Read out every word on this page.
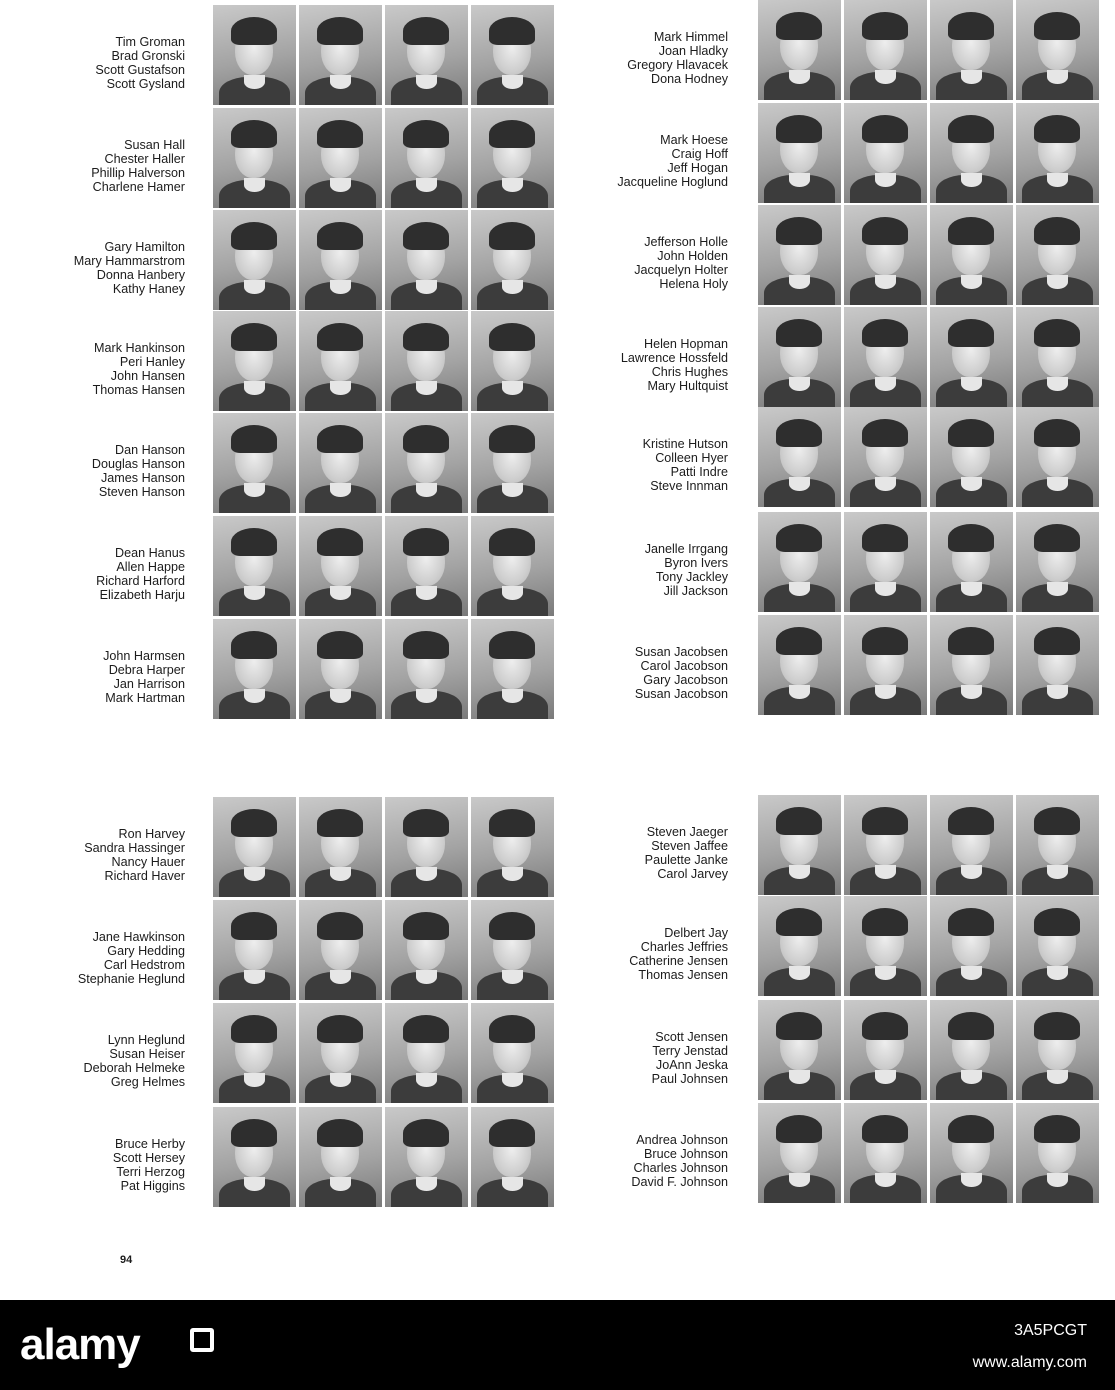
Tim Groman
Brad Gronski
Scott Gustafson
Scott Gysland
Susan Hall
Chester Haller
Phillip Halverson
Charlene Hamer
Gary Hamilton
Mary Hammarstrom
Donna Hanbery
Kathy Haney
Mark Hankinson
Peri Hanley
John Hansen
Thomas Hansen
Dan Hanson
Douglas Hanson
James Hanson
Steven Hanson
Dean Hanus
Allen Happe
Richard Harford
Elizabeth Harju
John Harmsen
Debra Harper
Jan Harrison
Mark Hartman
Ron Harvey
Sandra Hassinger
Nancy Hauer
Richard Haver
Jane Hawkinson
Gary Hedding
Carl Hedstrom
Stephanie Heglund
Lynn Heglund
Susan Heiser
Deborah Helmeke
Greg Helmes
Bruce Herby
Scott Hersey
Terri Herzog
Pat Higgins
Mark Himmel
Joan Hladky
Gregory Hlavacek
Dona Hodney
Mark Hoese
Craig Hoff
Jeff Hogan
Jacqueline Hoglund
Jefferson Holle
John Holden
Jacquelyn Holter
Helena Holy
Helen Hopman
Lawrence Hossfeld
Chris Hughes
Mary Hultquist
Kristine Hutson
Colleen Hyer
Patti Indre
Steve Innman
Janelle Irrgang
Byron Ivers
Tony Jackley
Jill Jackson
Susan Jacobsen
Carol Jacobson
Gary Jacobson
Susan Jacobson
Steven Jaeger
Steven Jaffee
Paulette Janke
Carol Jarvey
Delbert Jay
Charles Jeffries
Catherine Jensen
Thomas Jensen
Scott Jensen
Terry Jenstad
JoAnn Jeska
Paul Johnsen
Andrea Johnson
Bruce Johnson
Charles Johnson
David F. Johnson
94
alamy	3A5PCGT
www.alamy.com
